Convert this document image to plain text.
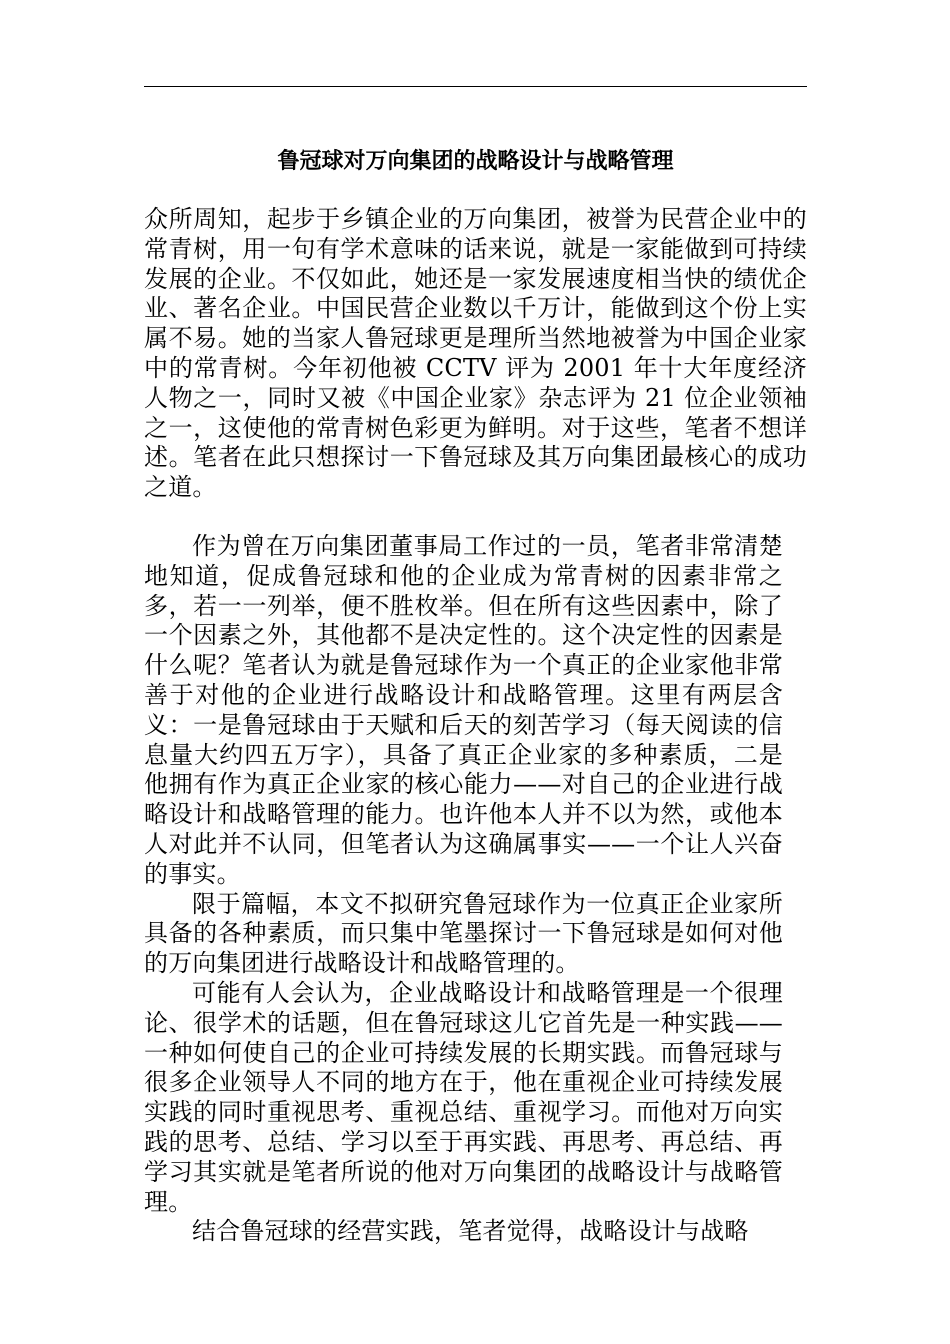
鲁冠球对万向集团的战略设计与战略管理

众所周知，起步于乡镇企业的万向集团，被誉为民营企业中的常青树，用一句有学术意味的话来说，就是一家能做到可持续发展的企业。不仅如此，她还是一家发展速度相当快的绩优企业、著名企业。中国民营企业数以千万计，能做到这个份上实属不易。她的当家人鲁冠球更是理所当然地被誉为中国企业家中的常青树。今年初他被 CCTV 评为 2001 年十大年度经济人物之一，同时又被《中国企业家》杂志评为 21 位企业领袖之一，这使他的常青树色彩更为鲜明。对于这些，笔者不想详述。笔者在此只想探讨一下鲁冠球及其万向集团最核心的成功之道。

作为曾在万向集团董事局工作过的一员，笔者非常清楚地知道，促成鲁冠球和他的企业成为常青树的因素非常之多，若一一列举，便不胜枚举。但在所有这些因素中，除了一个因素之外，其他都不是决定性的。这个决定性的因素是什么呢？笔者认为就是鲁冠球作为一个真正的企业家他非常善于对他的企业进行战略设计和战略管理。这里有两层含义：一是鲁冠球由于天赋和后天的刻苦学习（每天阅读的信息量大约四五万字），具备了真正企业家的多种素质，二是他拥有作为真正企业家的核心能力——对自己的企业进行战略设计和战略管理的能力。也许他本人并不以为然，或他本人对此并不认同，但笔者认为这确属事实——一个让人兴奋的事实。

限于篇幅，本文不拟研究鲁冠球作为一位真正企业家所具备的各种素质，而只集中笔墨探讨一下鲁冠球是如何对他的万向集团进行战略设计和战略管理的。

可能有人会认为，企业战略设计和战略管理是一个很理论、很学术的话题，但在鲁冠球这儿它首先是一种实践——一种如何使自己的企业可持续发展的长期实践。而鲁冠球与很多企业领导人不同的地方在于，他在重视企业可持续发展实践的同时重视思考、重视总结、重视学习。而他对万向实践的思考、总结、学习以至于再实践、再思考、再总结、再学习其实就是笔者所说的他对万向集团的战略设计与战略管理。

结合鲁冠球的经营实践，笔者觉得，战略设计与战略
